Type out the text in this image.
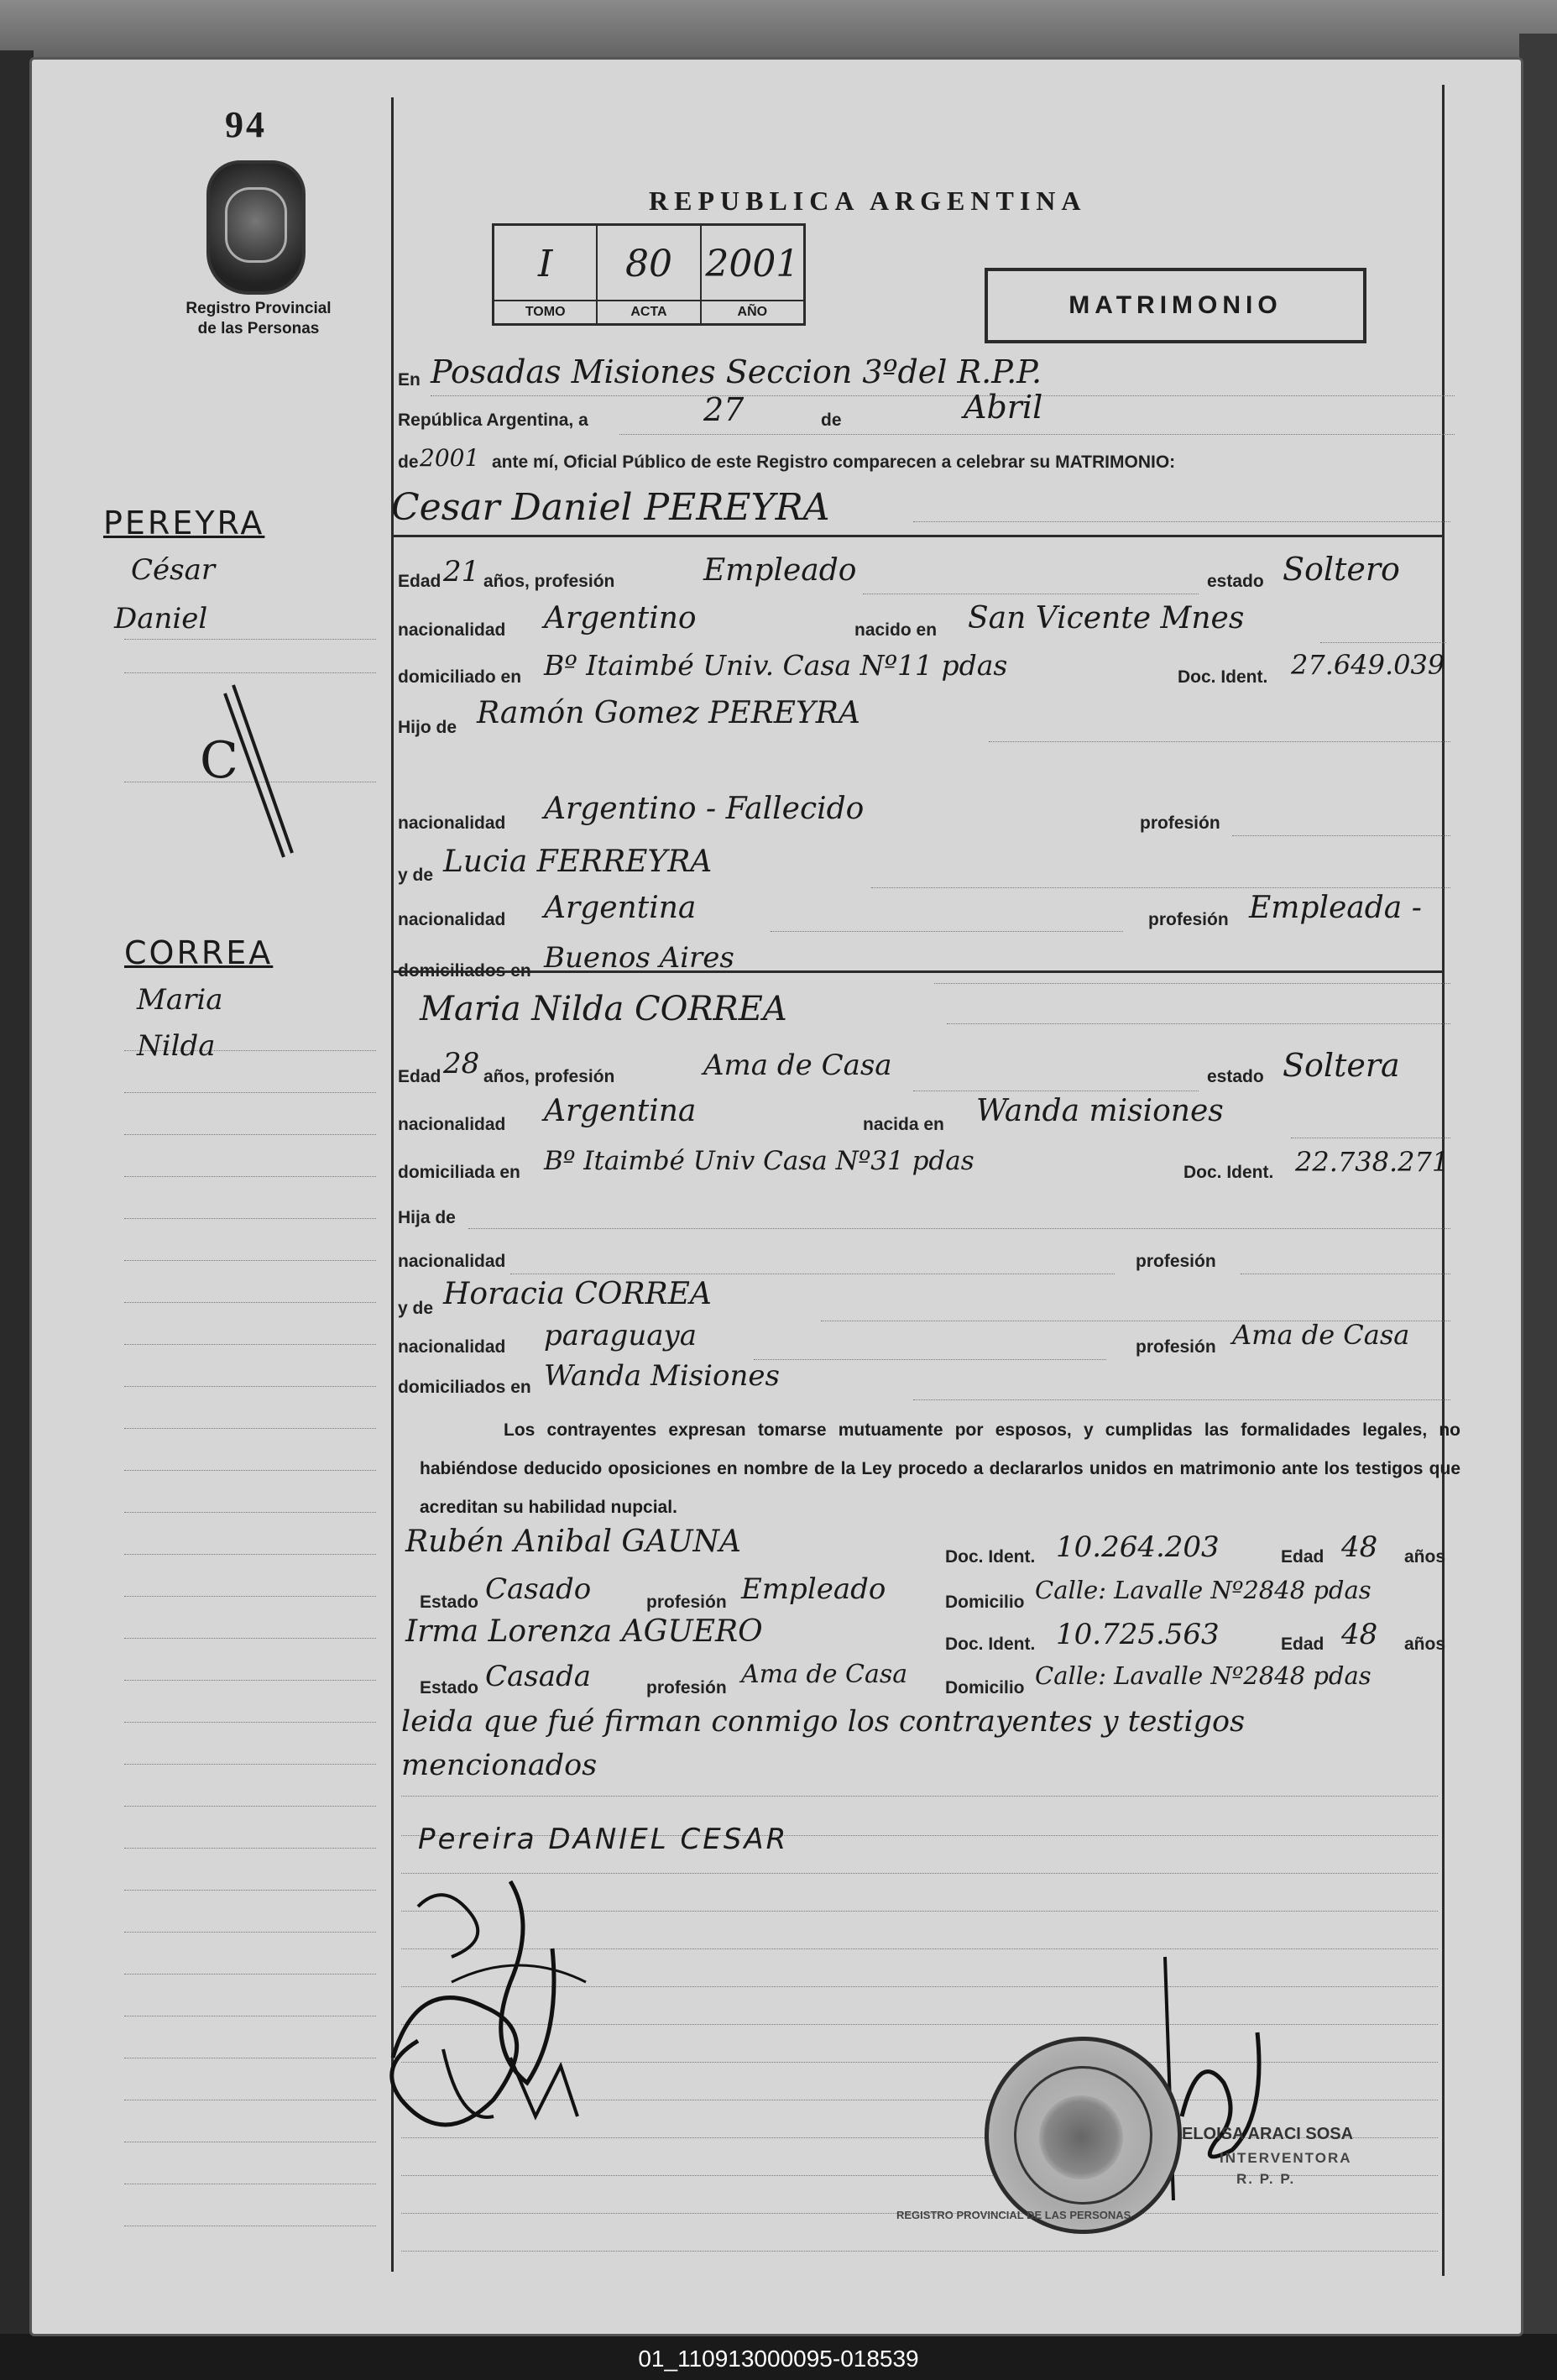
94
Registro Provincial
de las Personas
REPUBLICA ARGENTINA
I
TOMO
80
ACTA
2001
AÑO	MATRIMONIO
En Posadas Misiones Seccion 3ºdel R.P.P.
República Argentina, a	27	de	Abril
de 2001 ante mí, Oficial Público de este Registro comparecen a celebrar su MATRIMONIO:
PEREYRA
César
Daniel
C
CORREA
Maria
Nilda
Cesar Daniel PEREYRA
Edad 21 años, profesión	Empleado	estado Soltero
nacionalidad Argentino	nacido en San Vicente Mnes
domiciliado en Bº Itaimbé Univ. Casa Nº11 pdas	Doc. Ident. 27.649.039
Hijo de Ramón Gomez PEREYRA
nacionalidad Argentino - Fallecido	profesión
y de Lucia FERREYRA
nacionalidad Argentina	profesión Empleada -
domiciliados en Buenos Aires
Maria Nilda CORREA
Edad 28 años, profesión	Ama de Casa	estado Soltera
nacionalidad Argentina	nacida en Wanda misiones
domiciliada en Bº Itaimbé Univ Casa Nº31 pdas	Doc. Ident. 22.738.271
Hija de
nacionalidad	profesión
y de Horacia CORREA
nacionalidad paraguaya	profesión Ama de Casa
domiciliados en Wanda Misiones
Los contrayentes expresan tomarse mutuamente por esposos, y cumplidas las formalidades legales, no habiéndose deducido oposiciones en nombre de la Ley procedo a declararlos unidos en matrimonio ante los testigos que acreditan su habilidad nupcial.
Rubén Anibal GAUNA	Doc. Ident. 10.264.203	Edad 48 años
Estado Casado	profesión Empleado	Domicilio Calle: Lavalle Nº2848 pdas
Irma Lorenza AGUERO	Doc. Ident. 10.725.563	Edad 48 años
Estado Casada	profesión Ama de Casa Domicilio Calle: Lavalle Nº2848 pdas
leida que fué firman conmigo los contrayentes y testigos
mencionados
Pereira DANIEL CESAR
REGISTRO PROVINCIAL DE LAS PERSONAS
ELOISA ARACI SOSA
INTERVENTORA
R. P. P.
01_110913000095-018539
